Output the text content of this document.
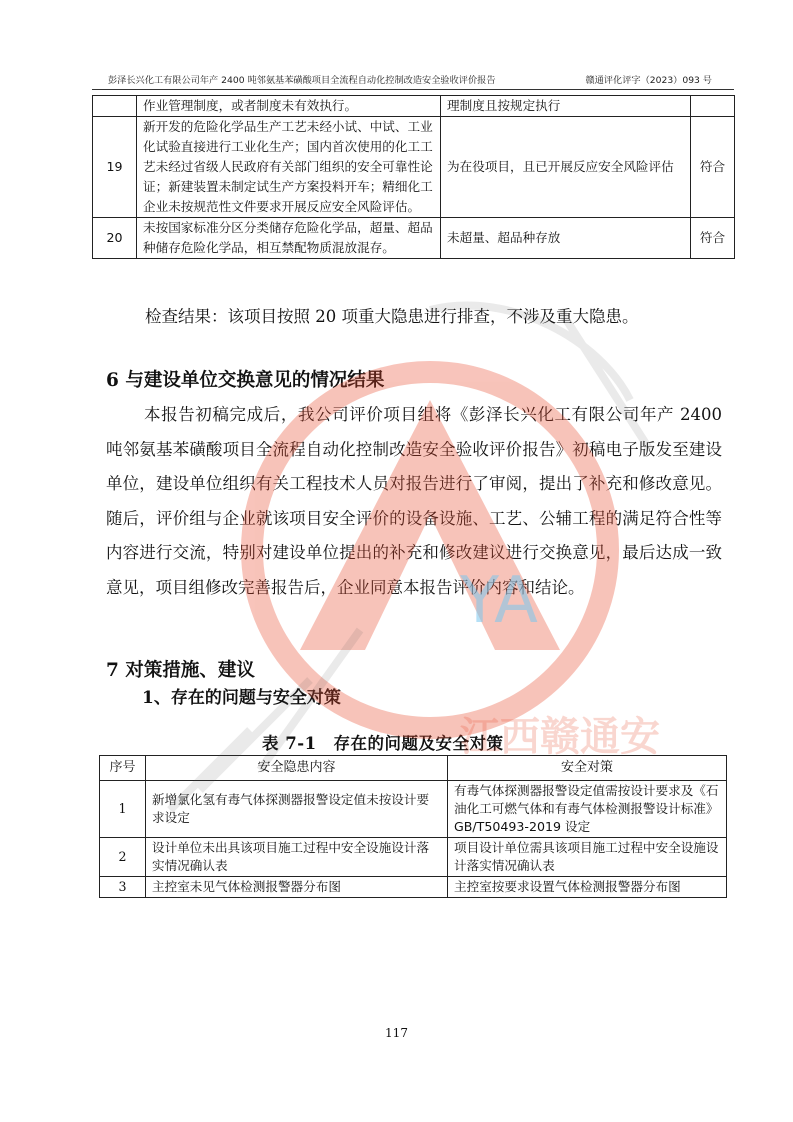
彭泽长兴化工有限公司年产 2400 吨邻氨基苯磺酸项目全流程自动化控制改造安全验收评价报告	赣通评化评字（2023）093 号
	作业管理制度，或者制度未有效执行。	理制度且按规定执行	
19	新开发的危险化学品生产工艺未经小试、中试、工业化试验直接进行工业化生产；国内首次使用的化工工艺未经过省级人民政府有关部门组织的安全可靠性论证；新建装置未制定试生产方案投料开车；精细化工企业未按规范性文件要求开展反应安全风险评估。	为在役项目，且已开展反应安全风险评估	符合
20	未按国家标准分区分类储存危险化学品，超量、超品种储存危险化学品，相互禁配物质混放混存。	未超量、超品种存放	符合
检查结果：该项目按照 20 项重大隐患进行排查，不涉及重大隐患。
6 与建设单位交换意见的情况结果
本报告初稿完成后，我公司评价项目组将《彭泽长兴化工有限公司年产 2400 吨邻氨基苯磺酸项目全流程自动化控制改造安全验收评价报告》初稿电子版发至建设单位，建设单位组织有关工程技术人员对报告进行了审阅，提出了补充和修改意见。随后，评价组与企业就该项目安全评价的设备设施、工艺、公辅工程的满足符合性等内容进行交流，特别对建设单位提出的补充和修改建议进行交换意见，最后达成一致意见，项目组修改完善报告后，企业同意本报告评价内容和结论。
7 对策措施、建议
1、存在的问题与安全对策
表 7-1　存在的问题及安全对策
序号	安全隐患内容	安全对策
1	新增氯化氢有毒气体探测器报警设定值未按设计要求设定	有毒气体探测器报警设定值需按设计要求及《石油化工可燃气体和有毒气体检测报警设计标准》GB/T50493-2019 设定
2	设计单位未出具该项目施工过程中安全设施设计落实情况确认表	项目设计单位需具该项目施工过程中安全设施设计落实情况确认表
3	主控室未见气体检测报警器分布图	主控室按要求设置气体检测报警器分布图
117
YA
江西赣通安
